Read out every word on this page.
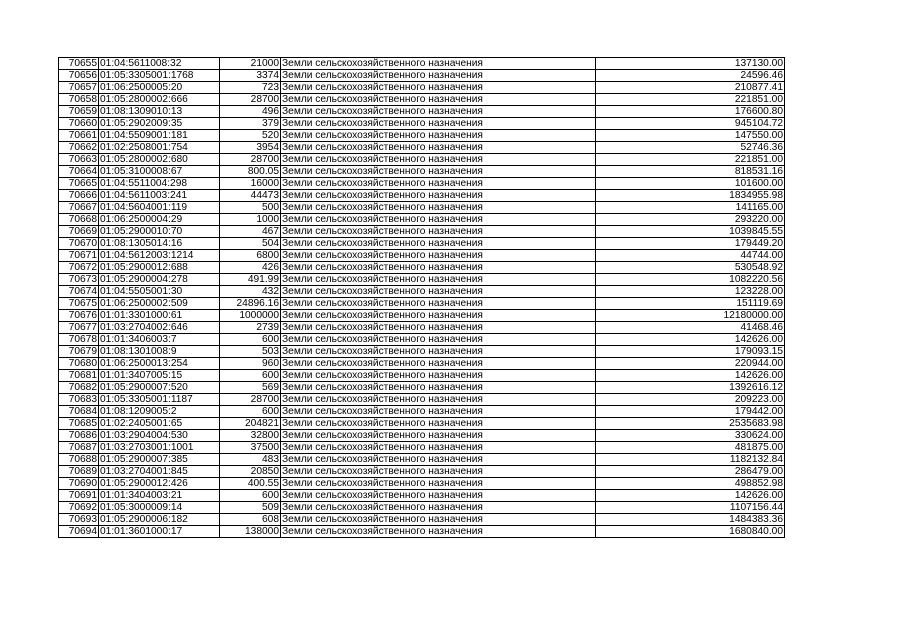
70655	01:04:5611008:32	21000	Земли сельскохозяйственного назначения	137130.00
70656	01:05:3305001:1768	3374	Земли сельскохозяйственного назначения	24596.46
70657	01:06:2500005:20	723	Земли сельскохозяйственного назначения	210877.41
70658	01:05:2800002:666	28700	Земли сельскохозяйственного назначения	221851.00
70659	01:08:1309010:13	496	Земли сельскохозяйственного назначения	176600.80
70660	01:05:2902009:35	379	Земли сельскохозяйственного назначения	945104.72
70661	01:04:5509001:181	520	Земли сельскохозяйственного назначения	147550.00
70662	01:02:2508001:754	3954	Земли сельскохозяйственного назначения	52746.36
70663	01:05:2800002:680	28700	Земли сельскохозяйственного назначения	221851.00
70664	01:05:3100008:67	800.05	Земли сельскохозяйственного назначения	818531.16
70665	01:04:5511004:298	16000	Земли сельскохозяйственного назначения	101600.00
70666	01:04:5611003:241	44473	Земли сельскохозяйственного назначения	1834955.98
70667	01:04:5604001:119	500	Земли сельскохозяйственного назначения	141165.00
70668	01:06:2500004:29	1000	Земли сельскохозяйственного назначения	293220.00
70669	01:05:2900010:70	467	Земли сельскохозяйственного назначения	1039845.55
70670	01:08:1305014:16	504	Земли сельскохозяйственного назначения	179449.20
70671	01:04:5612003:1214	6800	Земли сельскохозяйственного назначения	44744.00
70672	01:05:2900012:688	426	Земли сельскохозяйственного назначения	530548.92
70673	01:05:2900004:278	491.99	Земли сельскохозяйственного назначения	1082220.56
70674	01:04:5505001:30	432	Земли сельскохозяйственного назначения	123228.00
70675	01:06:2500002:509	24896.16	Земли сельскохозяйственного назначения	151119.69
70676	01:01:3301000:61	1000000	Земли сельскохозяйственного назначения	12180000.00
70677	01:03:2704002:646	2739	Земли сельскохозяйственного назначения	41468.46
70678	01:01:3406003:7	600	Земли сельскохозяйственного назначения	142626.00
70679	01:08:1301008:9	503	Земли сельскохозяйственного назначения	179093.15
70680	01:06:2500013:254	960	Земли сельскохозяйственного назначения	220944.00
70681	01:01:3407005:15	600	Земли сельскохозяйственного назначения	142626.00
70682	01:05:2900007:520	569	Земли сельскохозяйственного назначения	1392616.12
70683	01:05:3305001:1187	28700	Земли сельскохозяйственного назначения	209223.00
70684	01:08:1209005:2	600	Земли сельскохозяйственного назначения	179442.00
70685	01:02:2405001:65	204821	Земли сельскохозяйственного назначения	2535683.98
70686	01:03:2904004:530	32800	Земли сельскохозяйственного назначения	330624.00
70687	01:03:2703001:1001	37500	Земли сельскохозяйственного назначения	481875.00
70688	01:05:2900007:385	483	Земли сельскохозяйственного назначения	1182132.84
70689	01:03:2704001:845	20850	Земли сельскохозяйственного назначения	286479.00
70690	01:05:2900012:426	400.55	Земли сельскохозяйственного назначения	498852.98
70691	01:01:3404003:21	600	Земли сельскохозяйственного назначения	142626.00
70692	01:05:3000009:14	509	Земли сельскохозяйственного назначения	1107156.44
70693	01:05:2900006:182	608	Земли сельскохозяйственного назначения	1484383.36
70694	01:01:3601000:17	138000	Земли сельскохозяйственного назначения	1680840.00
